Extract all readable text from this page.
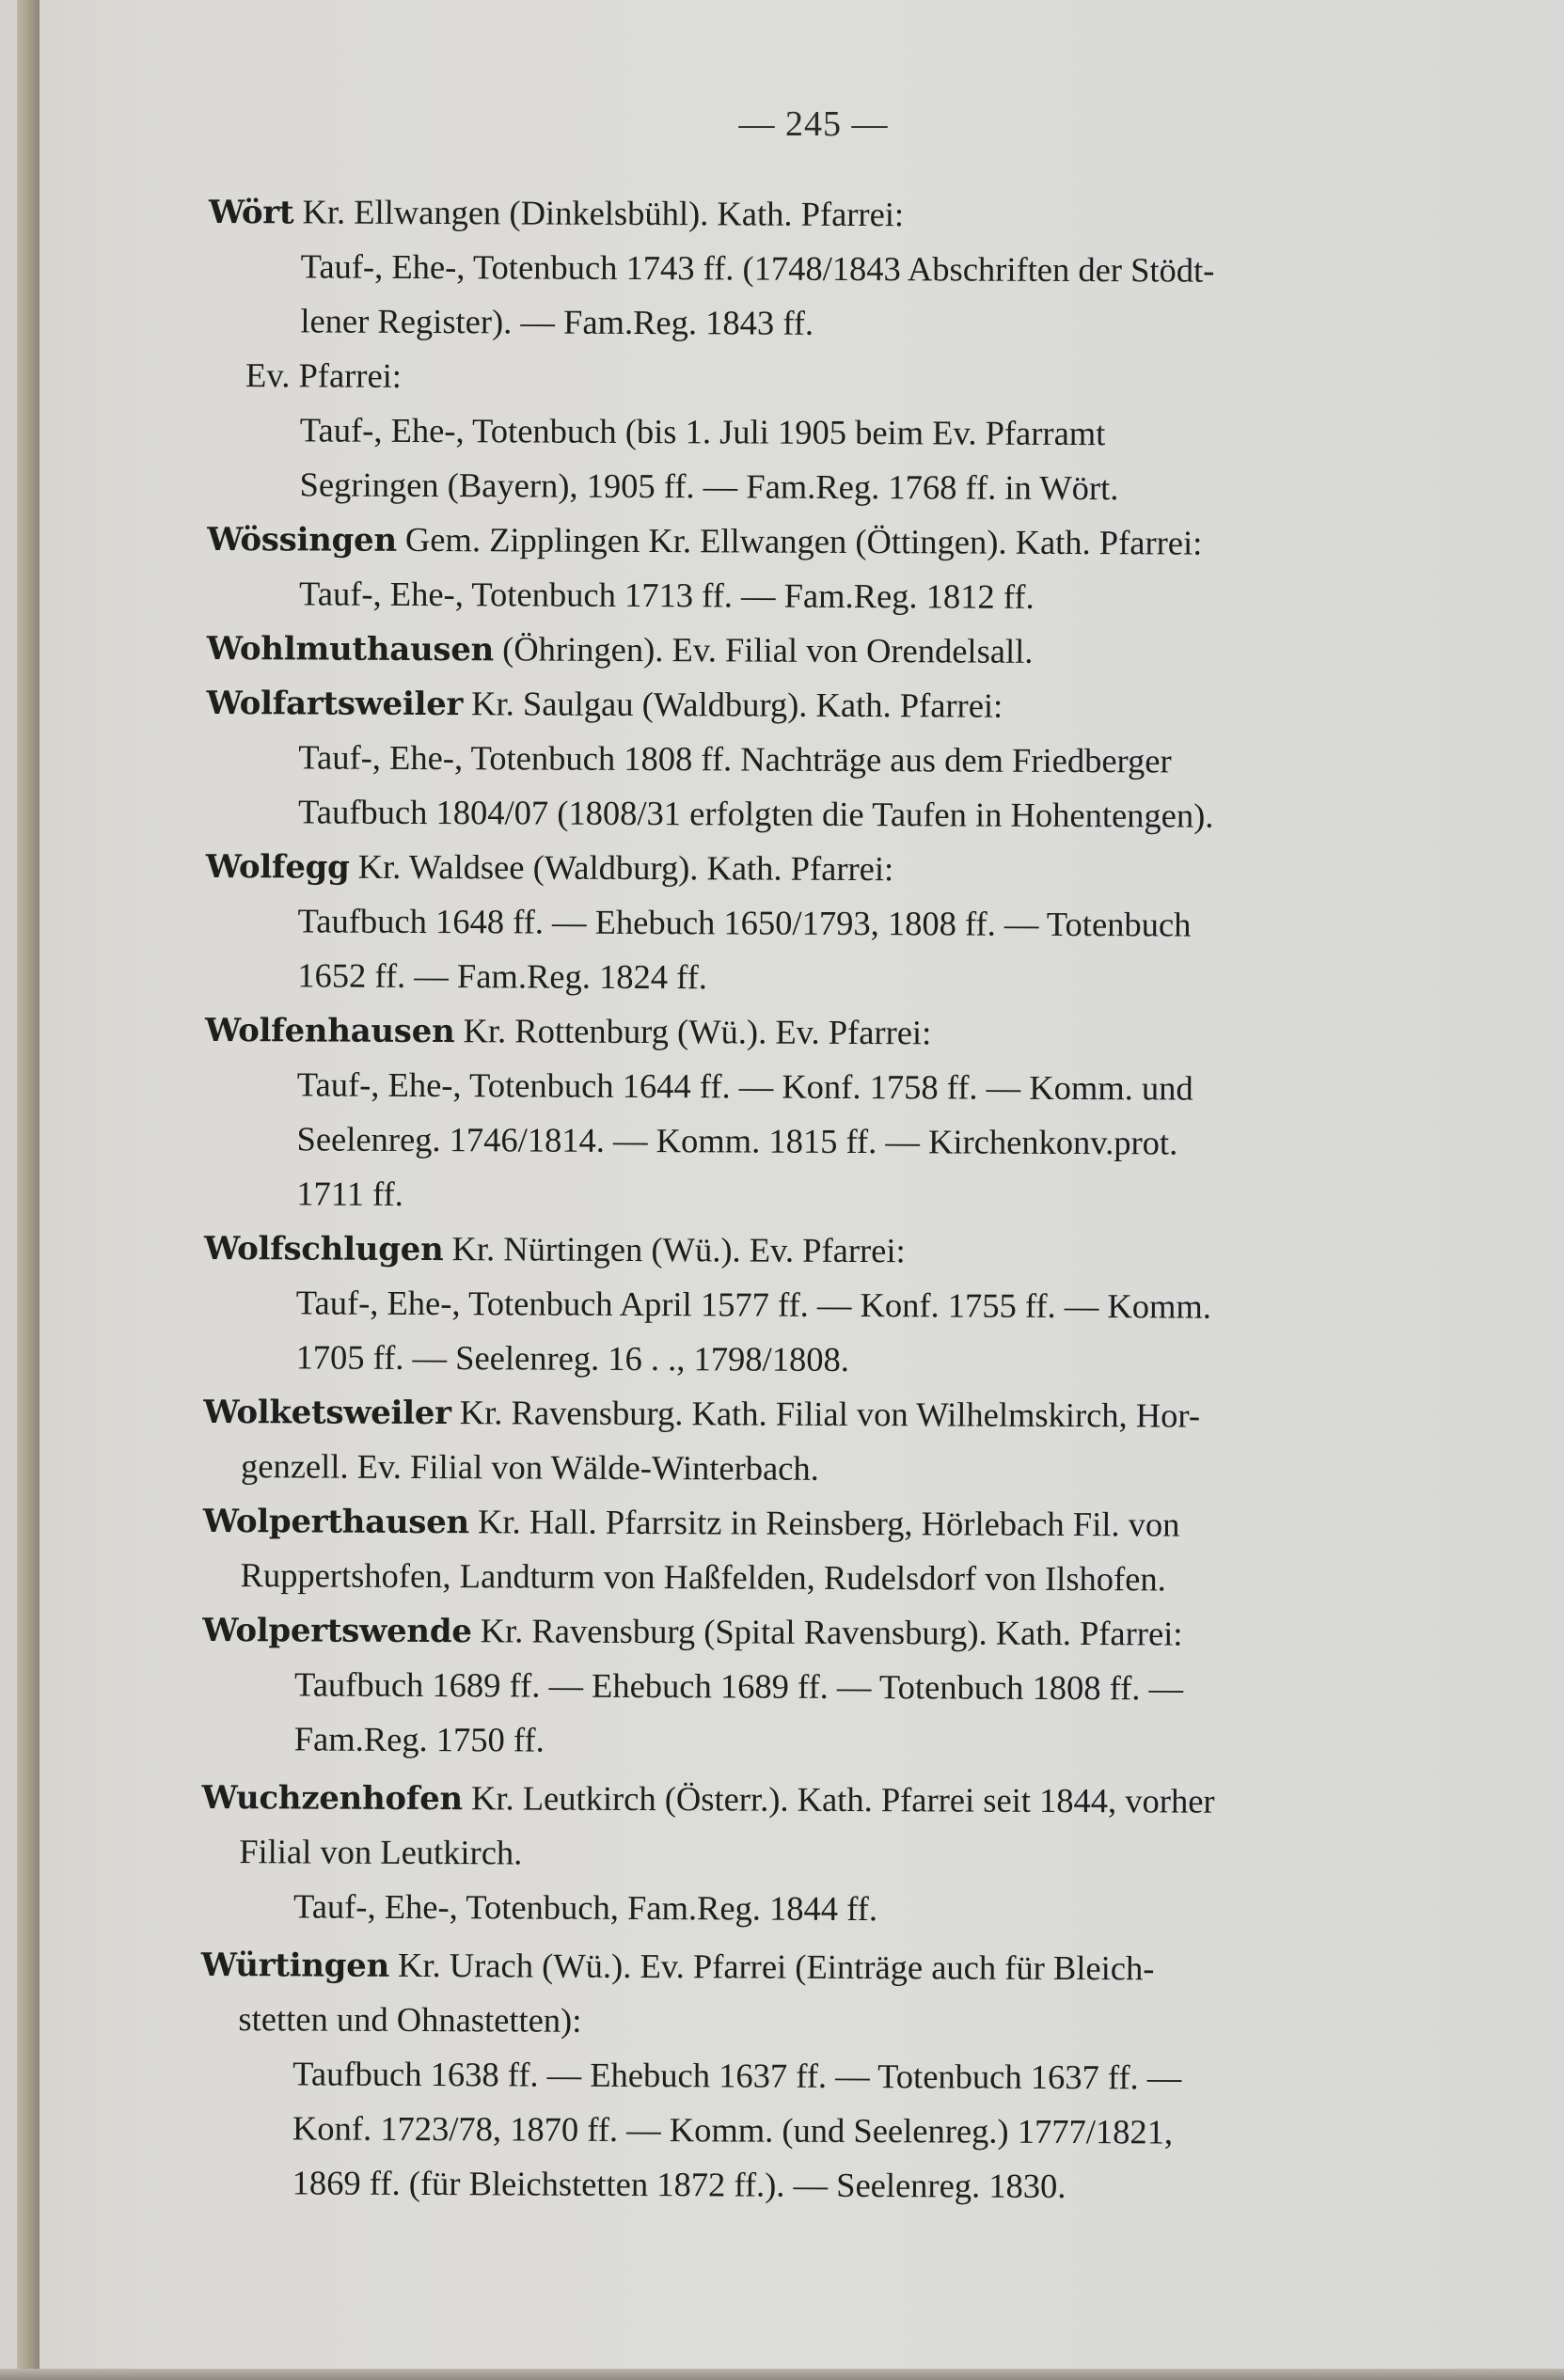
— 245 —
Wört Kr. Ellwangen (Dinkelsbühl). Kath. Pfarrei:
Tauf-, Ehe-, Totenbuch 1743 ff. (1748/1843 Abschriften der Stödt-
lener Register). — Fam.Reg. 1843 ff.
Ev. Pfarrei:
Tauf-, Ehe-, Totenbuch (bis 1. Juli 1905 beim Ev. Pfarramt
Segringen (Bayern), 1905 ff. — Fam.Reg. 1768 ff. in Wört.
Wössingen Gem. Zipplingen Kr. Ellwangen (Öttingen). Kath. Pfarrei:
Tauf-, Ehe-, Totenbuch 1713 ff. — Fam.Reg. 1812 ff.
Wohlmuthausen (Öhringen). Ev. Filial von Orendelsall.
Wolfartsweiler Kr. Saulgau (Waldburg). Kath. Pfarrei:
Tauf-, Ehe-, Totenbuch 1808 ff. Nachträge aus dem Friedberger
Taufbuch 1804/07 (1808/31 erfolgten die Taufen in Hohentengen).
Wolfegg Kr. Waldsee (Waldburg). Kath. Pfarrei:
Taufbuch 1648 ff. — Ehebuch 1650/1793, 1808 ff. — Totenbuch
1652 ff. — Fam.Reg. 1824 ff.
Wolfenhausen Kr. Rottenburg (Wü.). Ev. Pfarrei:
Tauf-, Ehe-, Totenbuch 1644 ff. — Konf. 1758 ff. — Komm. und
Seelenreg. 1746/1814. — Komm. 1815 ff. — Kirchenkonv.prot.
1711 ff.
Wolfschlugen Kr. Nürtingen (Wü.). Ev. Pfarrei:
Tauf-, Ehe-, Totenbuch April 1577 ff. — Konf. 1755 ff. — Komm.
1705 ff. — Seelenreg. 16 . ., 1798/1808.
Wolketsweiler Kr. Ravensburg. Kath. Filial von Wilhelmskirch, Hor-
genzell. Ev. Filial von Wälde-Winterbach.
Wolperthausen Kr. Hall. Pfarrsitz in Reinsberg, Hörlebach Fil. von
Ruppertshofen, Landturm von Haßfelden, Rudelsdorf von Ilshofen.
Wolpertswende Kr. Ravensburg (Spital Ravensburg). Kath. Pfarrei:
Taufbuch 1689 ff. — Ehebuch 1689 ff. — Totenbuch 1808 ff. —
Fam.Reg. 1750 ff.
Wuchzenhofen Kr. Leutkirch (Österr.). Kath. Pfarrei seit 1844, vorher
Filial von Leutkirch.
Tauf-, Ehe-, Totenbuch, Fam.Reg. 1844 ff.
Würtingen Kr. Urach (Wü.). Ev. Pfarrei (Einträge auch für Bleich-
stetten und Ohnastetten):
Taufbuch 1638 ff. — Ehebuch 1637 ff. — Totenbuch 1637 ff. —
Konf. 1723/78, 1870 ff. — Komm. (und Seelenreg.) 1777/1821,
1869 ff. (für Bleichstetten 1872 ff.). — Seelenreg. 1830.
